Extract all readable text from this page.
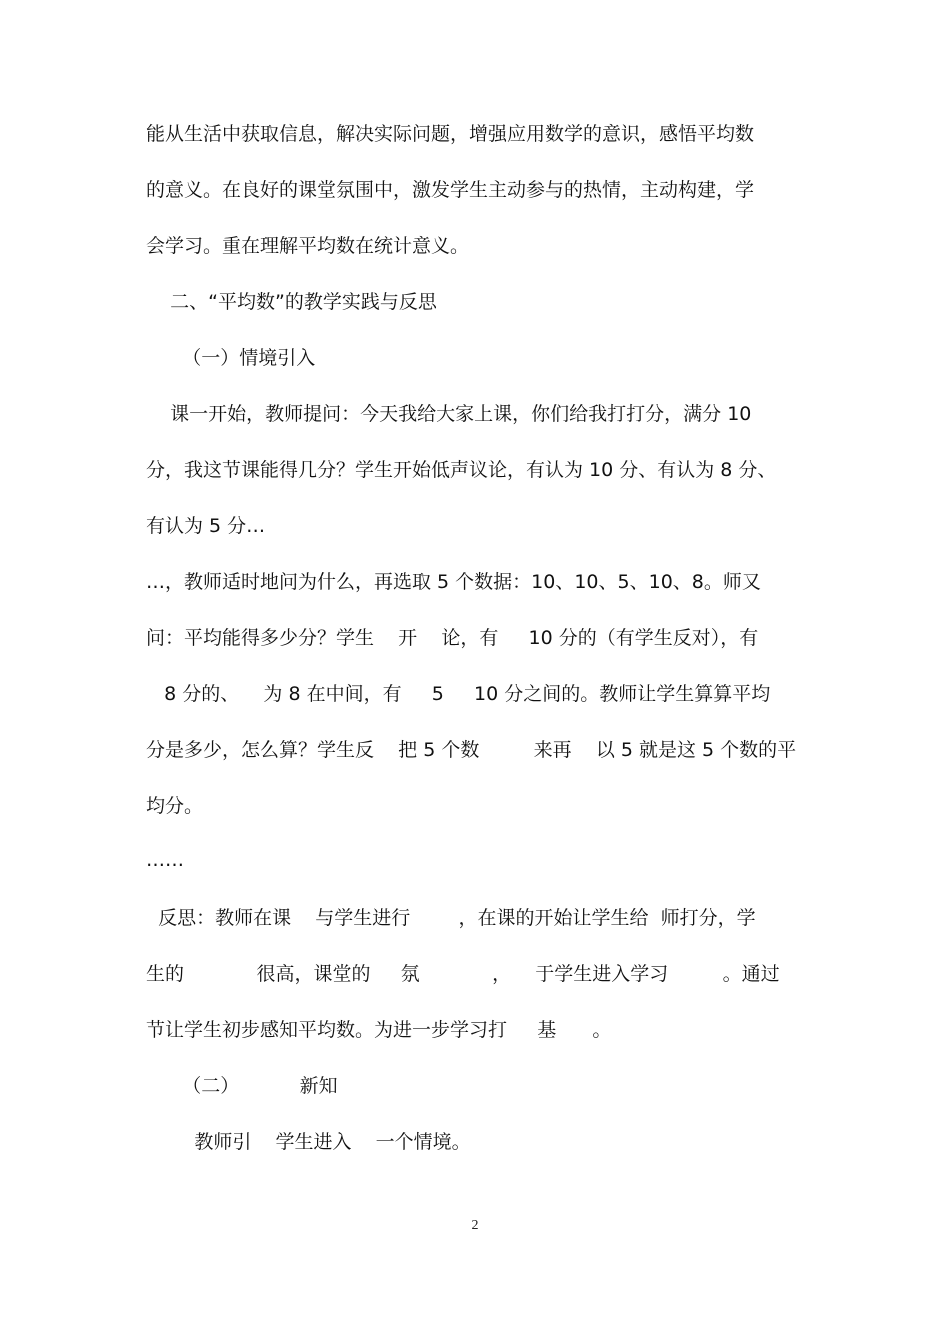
能从生活中获取信息，解决实际问题，增强应用数学的意识，感悟平均数
的意义。在良好的课堂氛围中，激发学生主动参与的热情，主动构建，学
会学习。重在理解平均数在统计意义。
二、“平均数”的教学实践与反思
（一）情境引入
课一开始，教师提问：今天我给大家上课，你们给我打打分，满分 10
分，我这节课能得几分？学生开始低声议论，有认为 10 分、有认为 8 分、
有认为 5 分…
…，教师适时地问为什么，再选取 5 个数据：10、10、5、10、8。师又
问：平均能得多少分？学生    开    论，有     10 分的（有学生反对），有
8 分的、    为 8 在中间，有     5     10 分之间的。教师让学生算算平均
分是多少，怎么算？学生反    把 5 个数         来再    以 5 就是这 5 个数的平
均分。
……
反思：教师在课    与学生进行        ，在课的开始让学生给  师打分，学
生的            很高，课堂的     氛            ，    于学生进入学习         。通过
节让学生初步感知平均数。为进一步学习打     基      。
（二）          新知
教师引    学生进入    一个情境。
2
